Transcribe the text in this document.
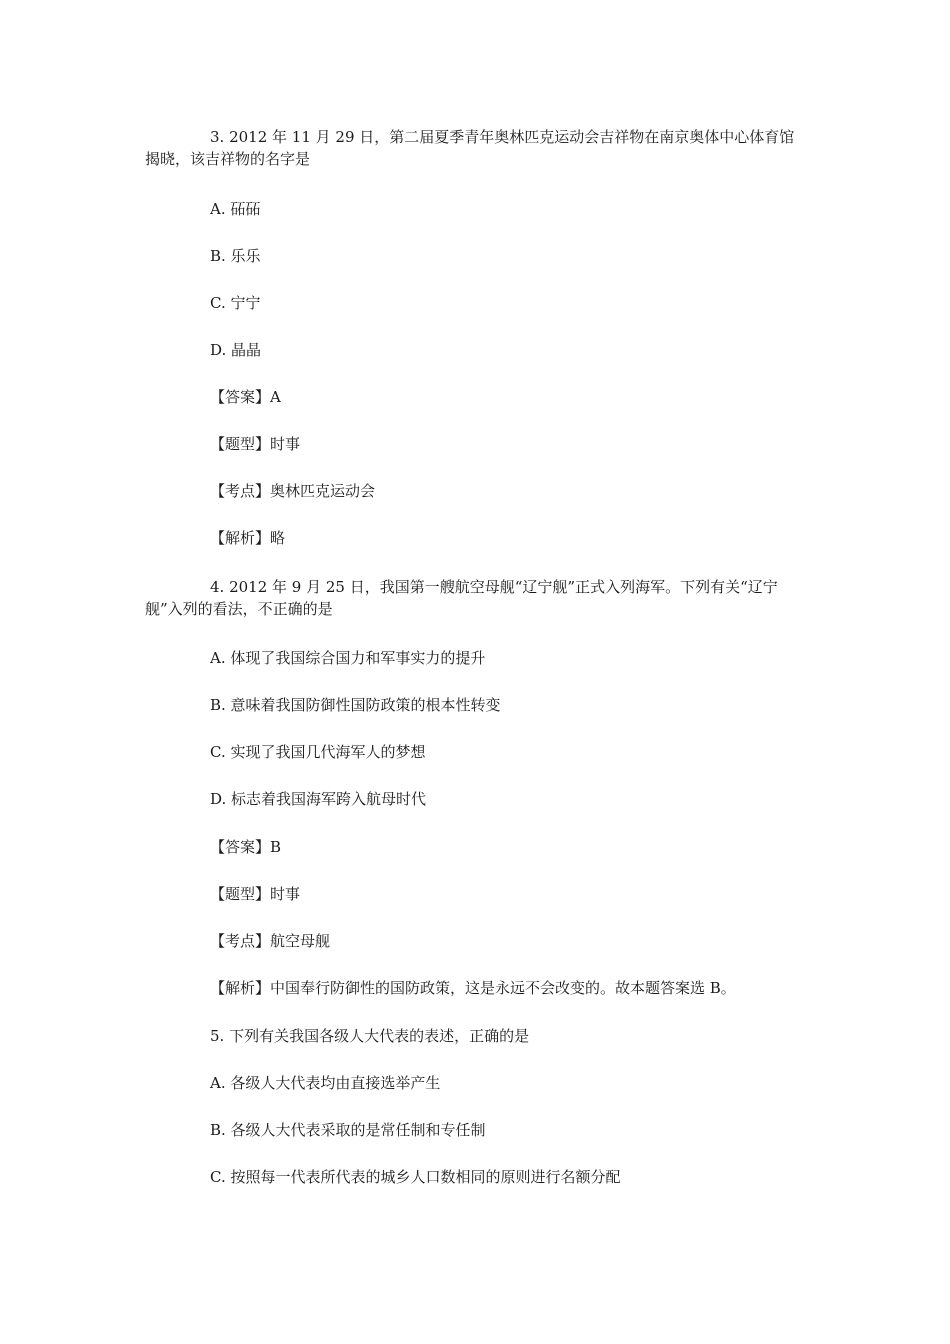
3. 2012 年 11 月 29 日，第二届夏季青年奥林匹克运动会吉祥物在南京奥体中心体育馆揭晓，该吉祥物的名字是
A. 砳砳
B. 乐乐
C. 宁宁
D. 晶晶
【答案】A
【题型】时事
【考点】奥林匹克运动会
【解析】略
4. 2012 年 9 月 25 日，我国第一艘航空母舰“辽宁舰”正式入列海军。下列有关“辽宁舰”入列的看法，不正确的是
A. 体现了我国综合国力和军事实力的提升
B. 意味着我国防御性国防政策的根本性转变
C. 实现了我国几代海军人的梦想
D. 标志着我国海军跨入航母时代
【答案】B
【题型】时事
【考点】航空母舰
【解析】中国奉行防御性的国防政策，这是永远不会改变的。故本题答案选 B。
5. 下列有关我国各级人大代表的表述，正确的是
A. 各级人大代表均由直接选举产生
B. 各级人大代表采取的是常任制和专任制
C. 按照每一代表所代表的城乡人口数相同的原则进行名额分配
